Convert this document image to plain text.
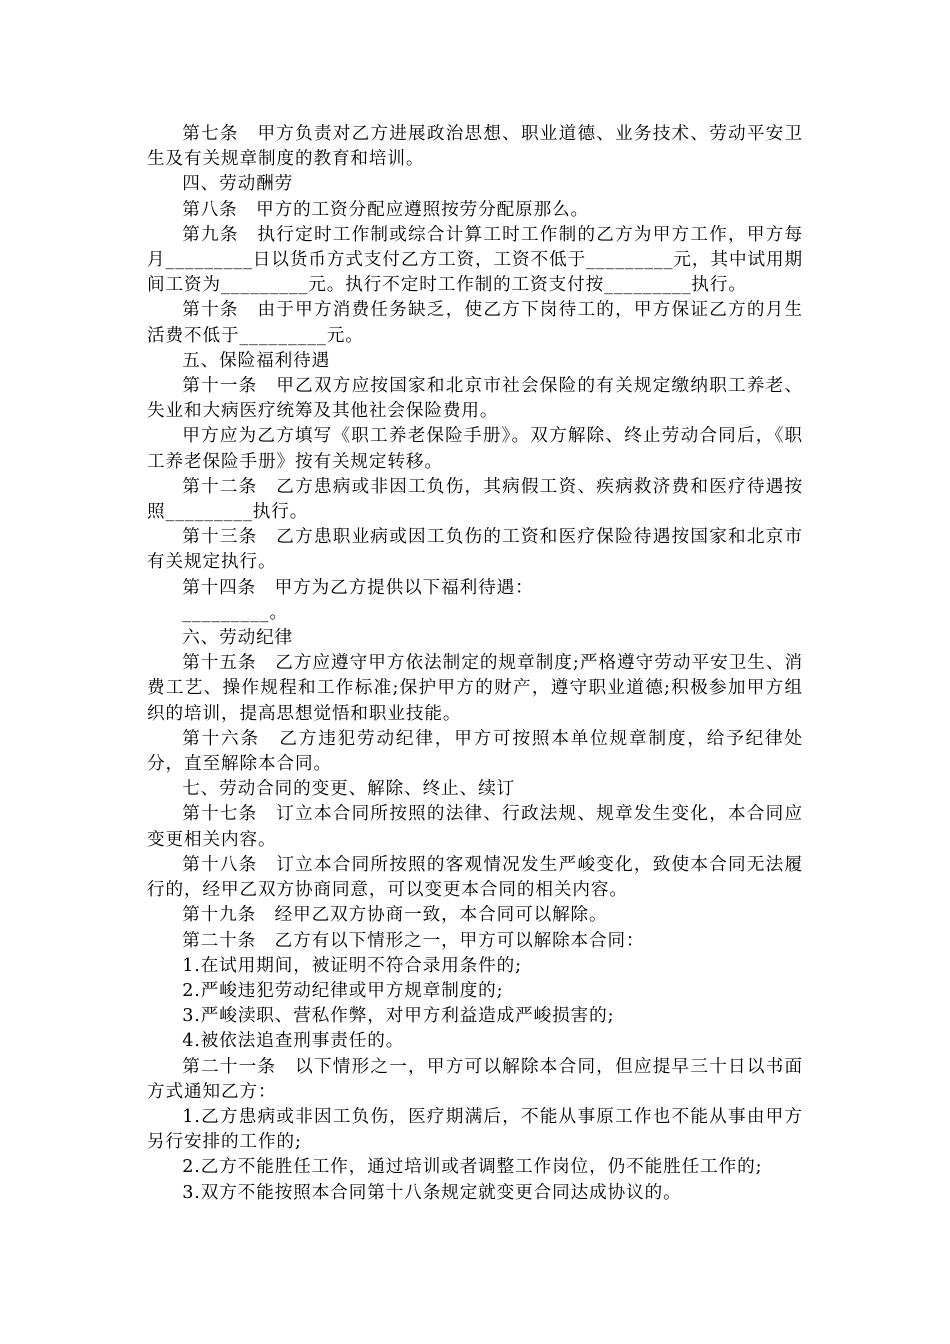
第七条　甲方负责对乙方进展政治思想、职业道德、业务技术、劳动平安卫生及有关规章制度的教育和培训。

四、劳动酬劳

第八条　甲方的工资分配应遵照按劳分配原那么。

第九条　执行定时工作制或综合计算工时工作制的乙方为甲方工作，甲方每月_________日以货币方式支付乙方工资，工资不低于_________元，其中试用期间工资为_________元。执行不定时工作制的工资支付按_________执行。

第十条　由于甲方消费任务缺乏，使乙方下岗待工的，甲方保证乙方的月生活费不低于_________元。

五、保险福利待遇

第十一条　甲乙双方应按国家和北京市社会保险的有关规定缴纳职工养老、失业和大病医疗统筹及其他社会保险费用。

甲方应为乙方填写《职工养老保险手册》。双方解除、终止劳动合同后，《职工养老保险手册》按有关规定转移。

第十二条　乙方患病或非因工负伤，其病假工资、疾病救济费和医疗待遇按照_________执行。

第十三条　乙方患职业病或因工负伤的工资和医疗保险待遇按国家和北京市有关规定执行。

第十四条　甲方为乙方提供以下福利待遇：

_________。

六、劳动纪律

第十五条　乙方应遵守甲方依法制定的规章制度;严格遵守劳动平安卫生、消费工艺、操作规程和工作标准;保护甲方的财产，遵守职业道德;积极参加甲方组织的培训，提高思想觉悟和职业技能。

第十六条　乙方违犯劳动纪律，甲方可按照本单位规章制度，给予纪律处分，直至解除本合同。

七、劳动合同的变更、解除、终止、续订

第十七条　订立本合同所按照的法律、行政法规、规章发生变化，本合同应变更相关内容。

第十八条　订立本合同所按照的客观情况发生严峻变化，致使本合同无法履行的，经甲乙双方协商同意，可以变更本合同的相关内容。

第十九条　经甲乙双方协商一致，本合同可以解除。

第二十条　乙方有以下情形之一，甲方可以解除本合同：

1.在试用期间，被证明不符合录用条件的;

2.严峻违犯劳动纪律或甲方规章制度的;

3.严峻渎职、营私作弊，对甲方利益造成严峻损害的;

4.被依法追查刑事责任的。

第二十一条　以下情形之一，甲方可以解除本合同，但应提早三十日以书面方式通知乙方：

1.乙方患病或非因工负伤，医疗期满后，不能从事原工作也不能从事由甲方另行安排的工作的;

2.乙方不能胜任工作，通过培训或者调整工作岗位，仍不能胜任工作的;

3.双方不能按照本合同第十八条规定就变更合同达成协议的。
